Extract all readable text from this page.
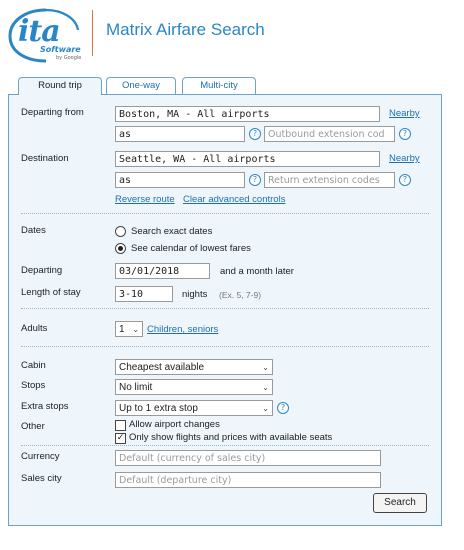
ita
Software
by Google
Matrix Airfare Search
Round trip	One-way	Multi-city
Departing from	Boston, MA - All airports	Nearby
as	?	Outbound extension cod	?
Destination	Seattle, WA - All airports	Nearby
as	?	Return extension codes	?
Reverse route Clear advanced controls
Dates	Search exact dates
See calendar of lowest fares
Departing	03/01/2018	and a month later
Length of stay	3-10	nights (Ex. 5, 7-9)
Adults	1 ⌄ Children, seniors
Cabin	Cheapest available	⌄
Stops	No limit	⌄
Extra stops	Up to 1 extra stop	⌄	?
Other	Allow airport changes
✓ Only show flights and prices with available seats
Currency	Default (currency of sales city)
Sales city	Default (departure city)
Search
